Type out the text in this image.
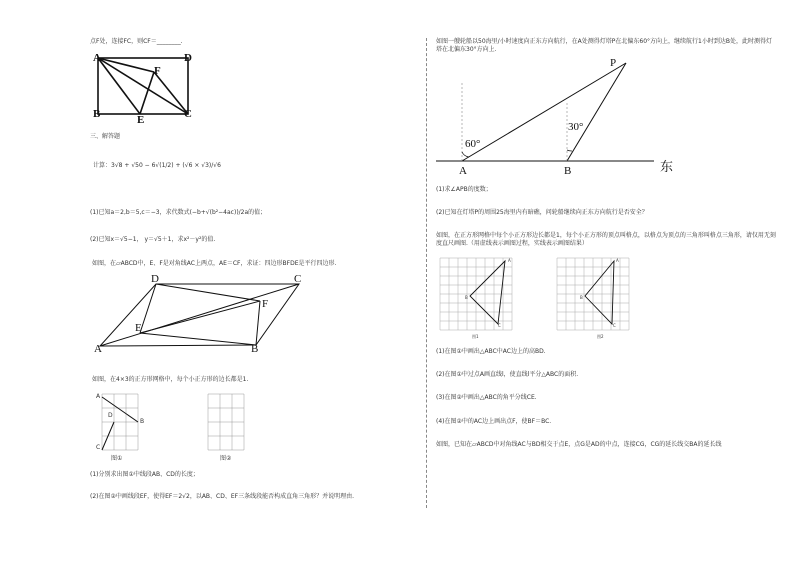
点F处，连接FC，则CF＝________.
A	D
B	C
E
F
三、解答题
计算：3√8 + √50 − 6√(1/2) + (√6 × √3)/√6
(1)已知a＝2,b＝5,c＝−3，求代数式(−b+√(b²−4ac))/2a的值；
(2)已知x＝√5−1， y＝√5＋1，求x²－y²的值.
如图，在▱ABCD中，E、F是对角线AC上两点，AE＝CF，求证：四边形BFDE是平行四边形.
A	B
C
D
E
F
如图，在4×3的正方形网格中，每个小正方形的边长都是1.
A
B
C
D
图①	图②
(1)分别求出图①中线段AB、CD的长度；
(2)在图②中画线段EF，使得EF＝2√2，以AB、CD、EF三条线段能否构成直角三角形？并说明理由.
如图一艘轮船以50海里/小时速度向正东方向航行，在A处测得灯塔P在北偏东60°方向上，继续航行1小时到达B处，此时测得灯塔在北偏东30°方向上.
P
A	B	东
60°
30°
(1)求∠APB的度数；
(2)已知在灯塔P的周围25海里内有暗礁，问轮船继续向正东方向航行是否安全？
如图，在正方形网格中每个小正方形边长都是1，每个小正方形的顶点叫格点，以格点为顶点的三角形叫格点三角形，请仅用无刻度直尺画图.（用虚线表示画图过程，实线表示画图结果）
A
B
C
图1
A
B
C
图2
(1)在图①中画出△ABC中AC边上的高BD.
(2)在图①中过点A画直线l，使直线l平分△ABC的面积.
(3)在图②中画出△ABC的角平分线CE.
(4)在图②中的AC边上画出点F，使BF＝BC.
如图，已知在▱ABCD中对角线AC与BD相交于点E，点G是AD的中点，连接CG，CG的延长线交BA的延长线
